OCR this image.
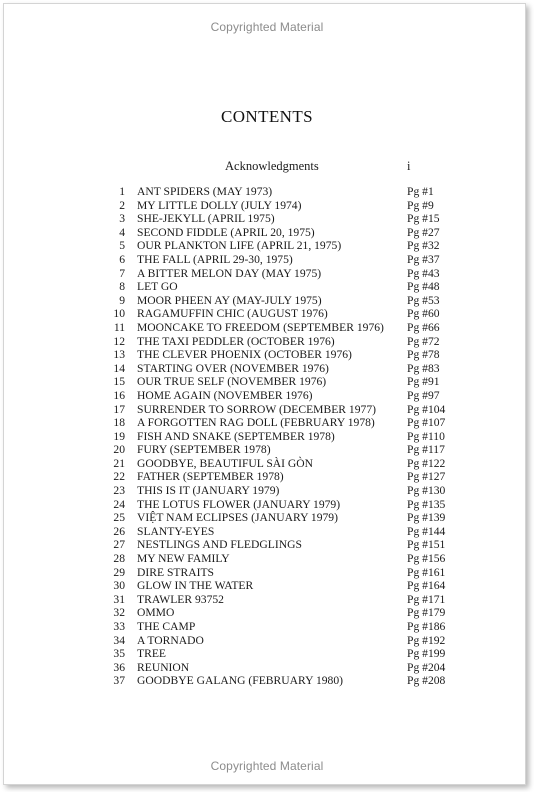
Copyrighted Material
CONTENTS
Acknowledgments	i
1 ANT SPIDERS (MAY 1973)	Pg #1
2 MY LITTLE DOLLY (JULY 1974)	Pg #9
3 SHE-JEKYLL (APRIL 1975)	Pg #15
4 SECOND FIDDLE (APRIL 20, 1975)	Pg #27
5 OUR PLANKTON LIFE (APRIL 21, 1975)	Pg #32
6 THE FALL (APRIL 29-30, 1975)	Pg #37
7 A BITTER MELON DAY (MAY 1975)	Pg #43
8 LET GO	Pg #48
9 MOOR PHEEN AY (MAY-JULY 1975)	Pg #53
10 RAGAMUFFIN CHIC (AUGUST 1976)	Pg #60
11 MOONCAKE TO FREEDOM (SEPTEMBER 1976) Pg #66
12 THE TAXI PEDDLER (OCTOBER 1976)	Pg #72
13 THE CLEVER PHOENIX (OCTOBER 1976)	Pg #78
14 STARTING OVER (NOVEMBER 1976)	Pg #83
15 OUR TRUE SELF (NOVEMBER 1976)	Pg #91
16 HOME AGAIN (NOVEMBER 1976)	Pg #97
17 SURRENDER TO SORROW (DECEMBER 1977)	Pg #104
18 A FORGOTTEN RAG DOLL (FEBRUARY 1978)	Pg #107
19 FISH AND SNAKE (SEPTEMBER 1978)	Pg #110
20 FURY (SEPTEMBER 1978)	Pg #117
21 GOODBYE, BEAUTIFUL SÀI GÒN	Pg #122
22 FATHER (SEPTEMBER 1978)	Pg #127
23 THIS IS IT (JANUARY 1979)	Pg #130
24 THE LOTUS FLOWER (JANUARY 1979)	Pg #135
25 VIỆT NAM ECLIPSES (JANUARY 1979)	Pg #139
26 SLANTY-EYES	Pg #144
27 NESTLINGS AND FLEDGLINGS	Pg #151
28 MY NEW FAMILY	Pg #156
29 DIRE STRAITS	Pg #161
30 GLOW IN THE WATER	Pg #164
31 TRAWLER 93752	Pg #171
32 OMMO	Pg #179
33 THE CAMP	Pg #186
34 A TORNADO	Pg #192
35 TREE	Pg #199
36 REUNION	Pg #204
37 GOODBYE GALANG (FEBRUARY 1980)	Pg #208
Copyrighted Material
